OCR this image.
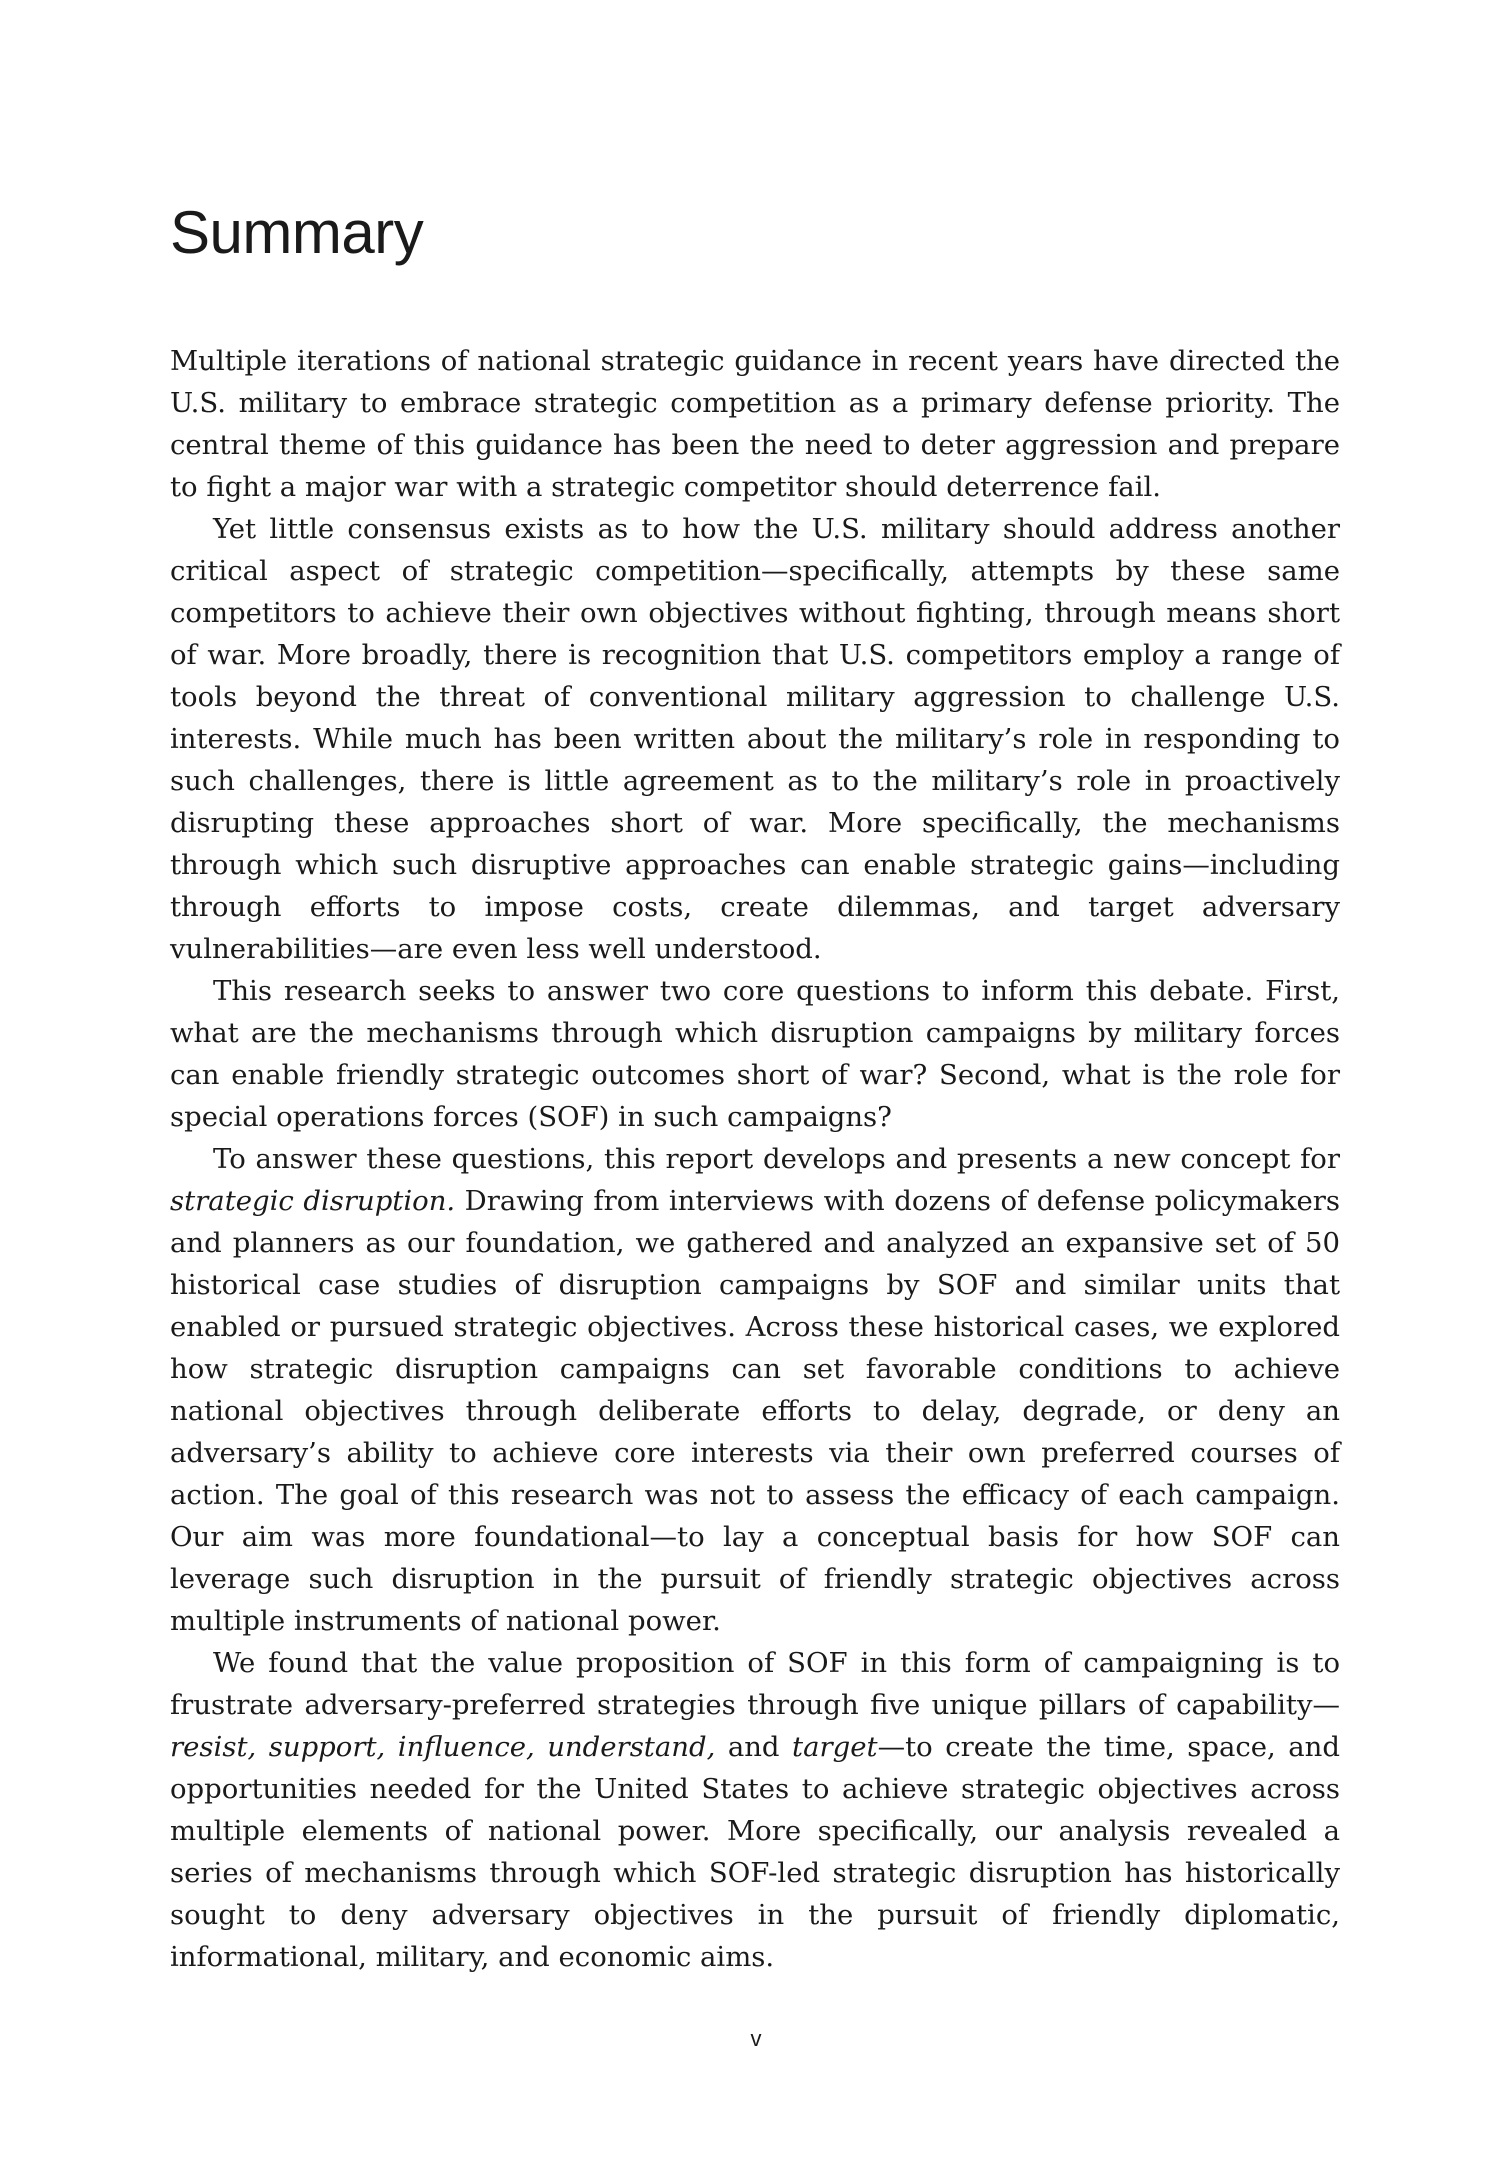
Summary

Multiple iterations of national strategic guidance in recent years have directed the U.S. military to embrace strategic competition as a primary defense priority. The central theme of this guidance has been the need to deter aggression and prepare to fight a major war with a strategic competitor should deterrence fail.

Yet little consensus exists as to how the U.S. military should address another critical aspect of strategic competition—specifically, attempts by these same competitors to achieve their own objectives without fighting, through means short of war. More broadly, there is recognition that U.S. competitors employ a range of tools beyond the threat of conventional military aggression to challenge U.S. interests. While much has been written about the military’s role in responding to such challenges, there is little agreement as to the military’s role in proactively disrupting these approaches short of war. More specifically, the mechanisms through which such disruptive approaches can enable strategic gains—including through efforts to impose costs, create dilemmas, and target adversary vulnerabilities—are even less well understood.

This research seeks to answer two core questions to inform this debate. First, what are the mechanisms through which disruption campaigns by military forces can enable friendly strategic outcomes short of war? Second, what is the role for special operations forces (SOF) in such campaigns?

To answer these questions, this report develops and presents a new concept for strategic disruption. Drawing from interviews with dozens of defense policymakers and planners as our foundation, we gathered and analyzed an expansive set of 50 historical case studies of disruption campaigns by SOF and similar units that enabled or pursued strategic objectives. Across these historical cases, we explored how strategic disruption campaigns can set favorable conditions to achieve national objectives through deliberate efforts to delay, degrade, or deny an adversary’s ability to achieve core interests via their own preferred courses of action. The goal of this research was not to assess the efficacy of each campaign. Our aim was more foundational—to lay a conceptual basis for how SOF can leverage such disruption in the pursuit of friendly strategic objectives across multiple instruments of national power.

We found that the value proposition of SOF in this form of campaigning is to frustrate adversary-preferred strategies through five unique pillars of capability—resist, support, influence, understand, and target—to create the time, space, and opportunities needed for the United States to achieve strategic objectives across multiple elements of national power. More specifically, our analysis revealed a series of mechanisms through which SOF-led strategic disruption has historically sought to deny adversary objectives in the pursuit of friendly diplomatic, informational, military, and economic aims.

v
